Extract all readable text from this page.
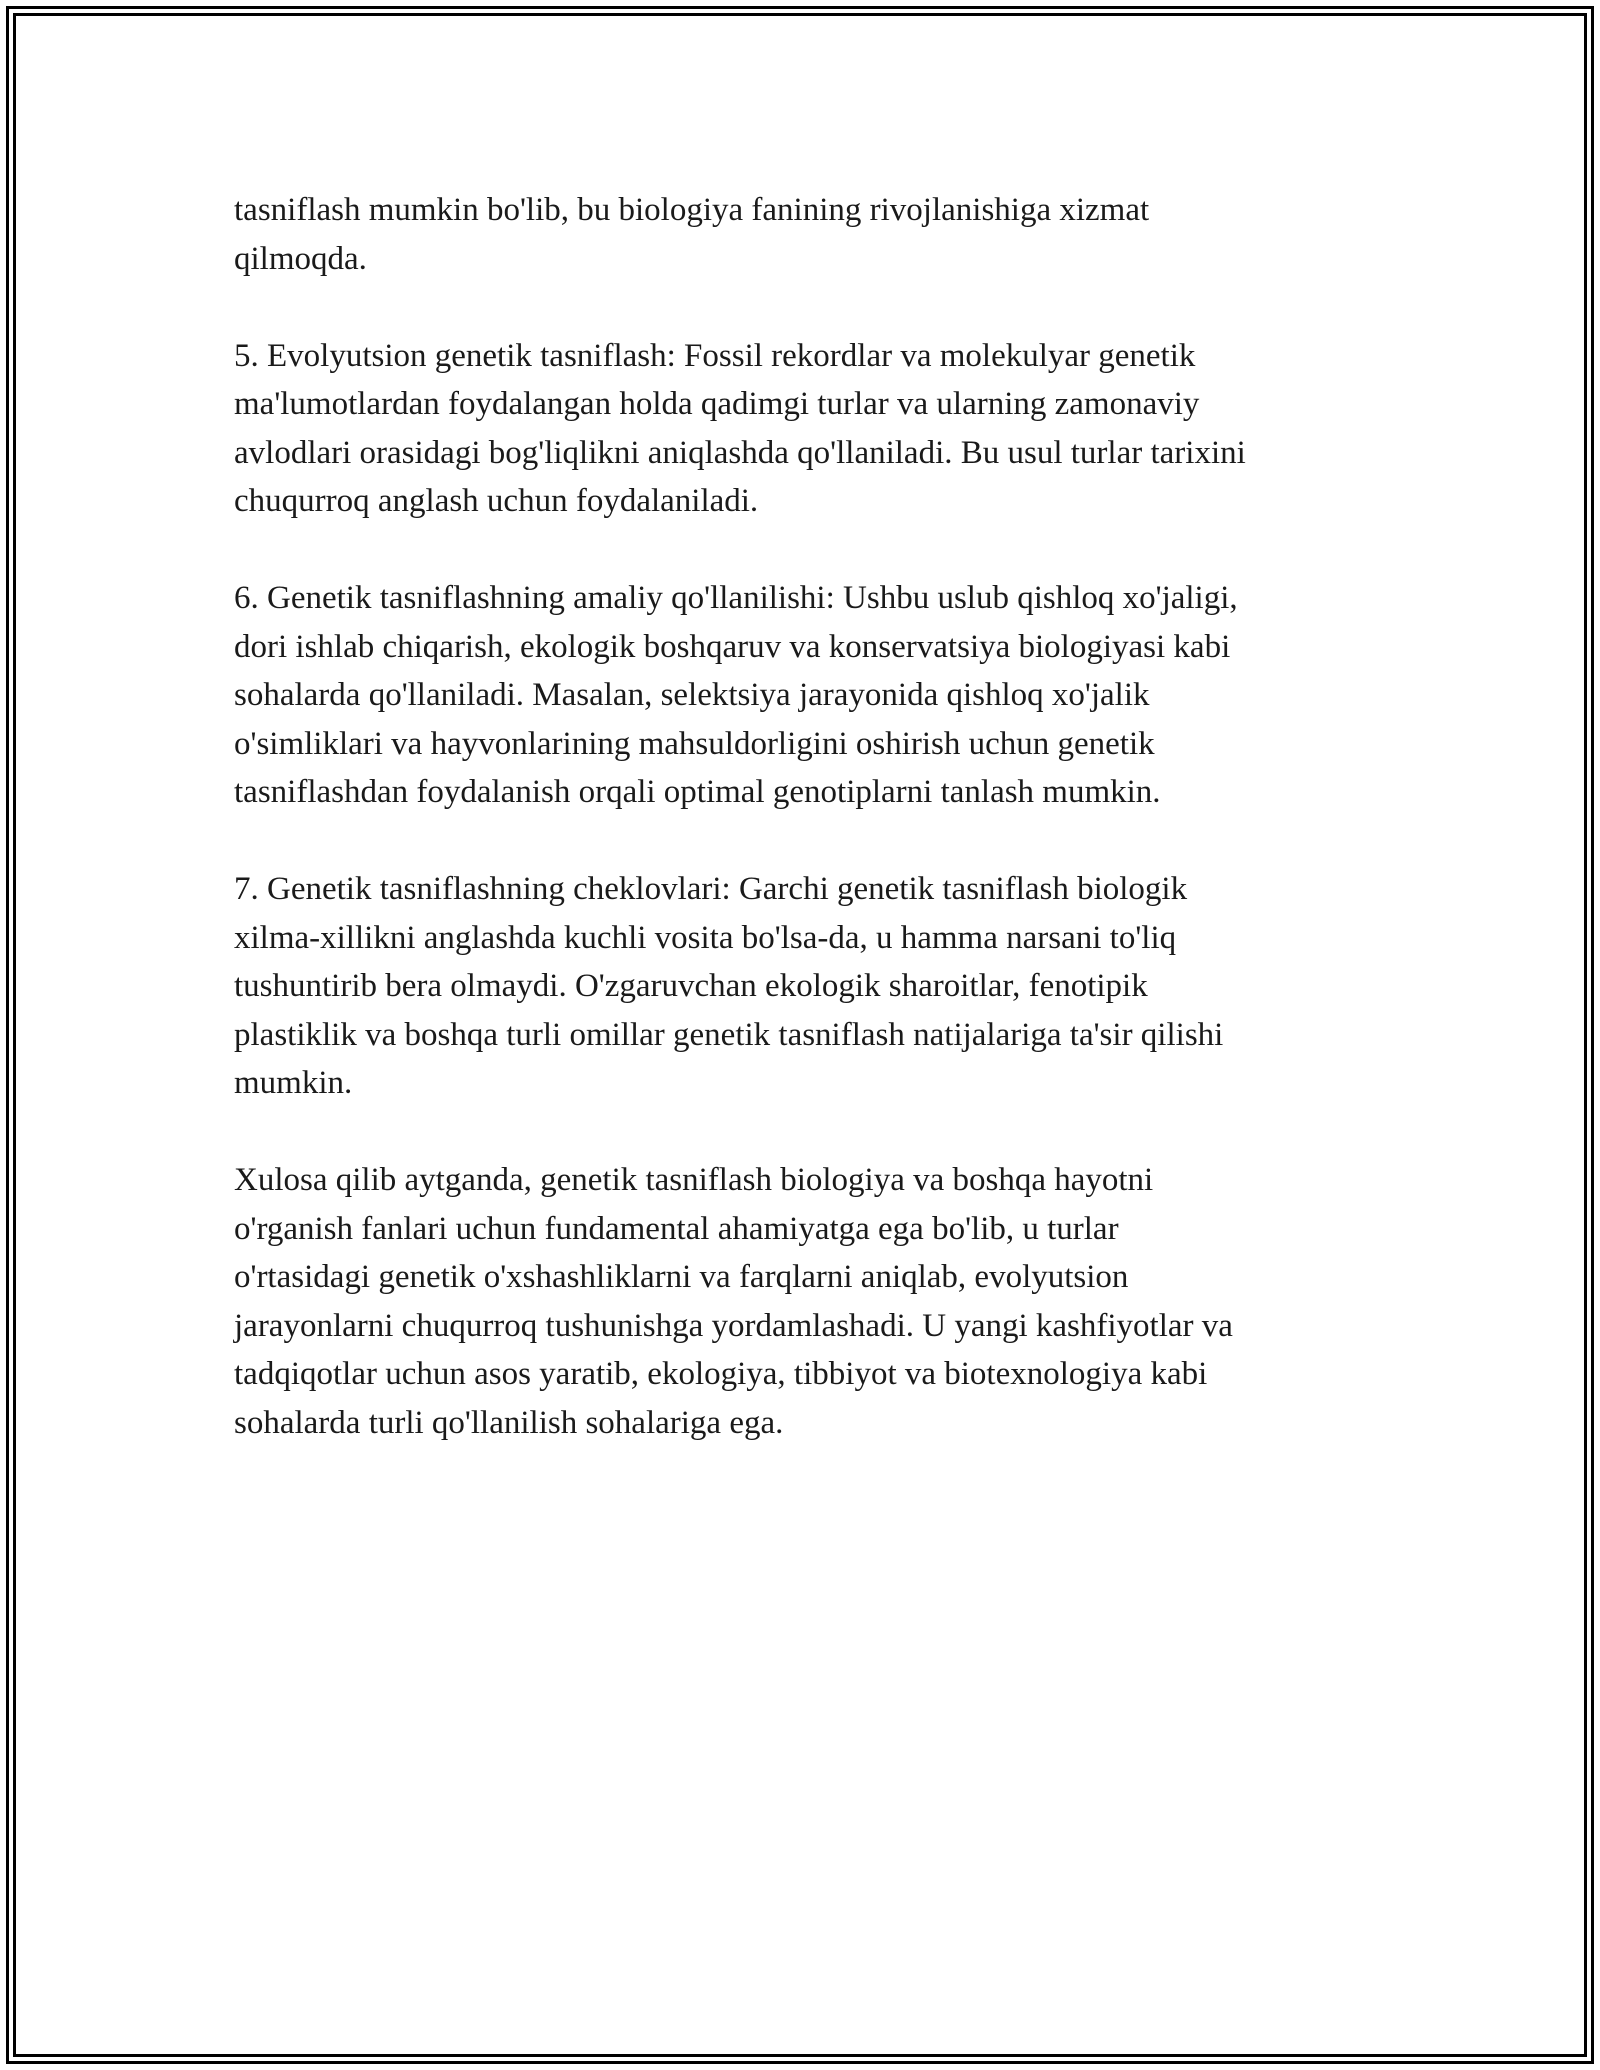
tasniflash mumkin bo'lib, bu biologiya fanining rivojlanishiga xizmat
qilmoqda.

5. Evolyutsion genetik tasniflash: Fossil rekordlar va molekulyar genetik
ma'lumotlardan foydalangan holda qadimgi turlar va ularning zamonaviy
avlodlari orasidagi bog'liqlikni aniqlashda qo'llaniladi. Bu usul turlar tarixini
chuqurroq anglash uchun foydalaniladi.

6. Genetik tasniflashning amaliy qo'llanilishi: Ushbu uslub qishloq xo'jaligi,
dori ishlab chiqarish, ekologik boshqaruv va konservatsiya biologiyasi kabi
sohalarda qo'llaniladi. Masalan, selektsiya jarayonida qishloq xo'jalik
o'simliklari va hayvonlarining mahsuldorligini oshirish uchun genetik
tasniflashdan foydalanish orqali optimal genotiplarni tanlash mumkin.

7. Genetik tasniflashning cheklovlari: Garchi genetik tasniflash biologik
xilma-xillikni anglashda kuchli vosita bo'lsa-da, u hamma narsani to'liq
tushuntirib bera olmaydi. O'zgaruvchan ekologik sharoitlar, fenotipik
plastiklik va boshqa turli omillar genetik tasniflash natijalariga ta'sir qilishi
mumkin.

Xulosa qilib aytganda, genetik tasniflash biologiya va boshqa hayotni
o'rganish fanlari uchun fundamental ahamiyatga ega bo'lib, u turlar
o'rtasidagi genetik o'xshashliklarni va farqlarni aniqlab, evolyutsion
jarayonlarni chuqurroq tushunishga yordamlashadi. U yangi kashfiyotlar va
tadqiqotlar uchun asos yaratib, ekologiya, tibbiyot va biotexnologiya kabi
sohalarda turli qo'llanilish sohalariga ega.
